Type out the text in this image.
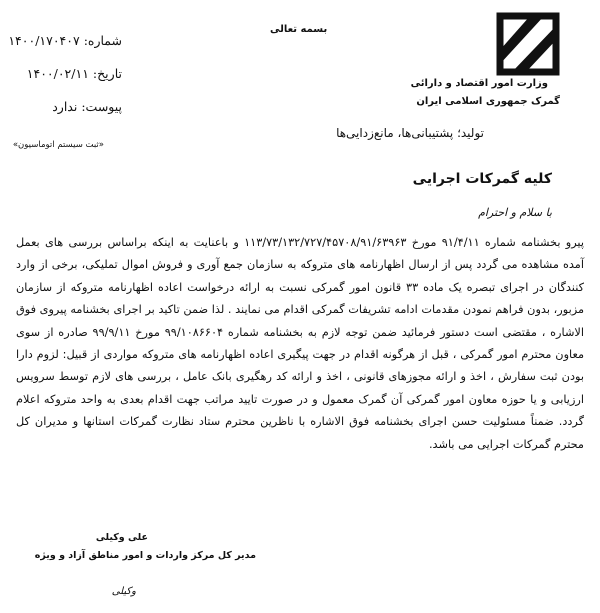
وزارت امور اقتصاد و دارائی
گمرک جمهوری اسلامی ایران
بسمه تعالی
شماره: ۱۴۰۰/۱۷۰۴۰۷
تاریخ: ۱۴۰۰/۰۲/۱۱
پیوست: ندارد
«ثبت سیستم اتوماسیون»
تولید؛ پشتیبانی‌ها، مانع‌زدایی‌ها
کلیه گمرکات اجرایی
با سلام و احترام
پیرو بخشنامه شماره ۹۱/۴/۱۱ مورخ ۱۱۳/۷۳/۱۳۲/۷۲۷/۴۵۷۰۸/۹۱/۶۳۹۶۳ و باعنایت به اینکه براساس بررسی های بعمل آمده مشاهده می گردد پس از ارسال اظهارنامه های متروکه به سازمان جمع آوری و فروش اموال تملیکی، برخی از وارد کنندگان در اجرای تبصره یک ماده ۳۳ قانون امور گمرکی نسبت به ارائه درخواست اعاده اظهارنامه متروکه از سازمان مزبور، بدون فراهم نمودن مقدمات ادامه تشریفات گمرکی اقدام می نمایند . لذا ضمن تاکید بر اجرای بخشنامه پیروی فوق الاشاره ، مقتضی است دستور فرمائید ضمن توجه لازم به بخشنامه شماره ۹۹/۱۰۸۶۶۰۴ مورخ ۹۹/۹/۱۱ صادره از سوی معاون محترم امور گمرکی ، قبل از هرگونه اقدام در جهت پیگیری اعاده اظهارنامه های متروکه مواردی از قبیل: لزوم دارا بودن ثبت سفارش ، اخذ و ارائه مجوزهای قانونی ، اخذ و ارائه کد رهگیری بانک عامل ، بررسی های لازم توسط سرویس ارزیابی و یا حوزه معاون امور گمرکی آن گمرک معمول و در صورت تایید مراتب جهت اقدام بعدی به واحد متروکه اعلام گردد. ضمناً مسئولیت حسن اجرای بخشنامه فوق الاشاره با ناظرین محترم ستاد نظارت گمرکات استانها و مدیران کل محترم گمرکات اجرایی می باشد.
علی وکیلی
مدیر کل مرکز واردات و امور مناطق آزاد و ویژه
وکیلی
